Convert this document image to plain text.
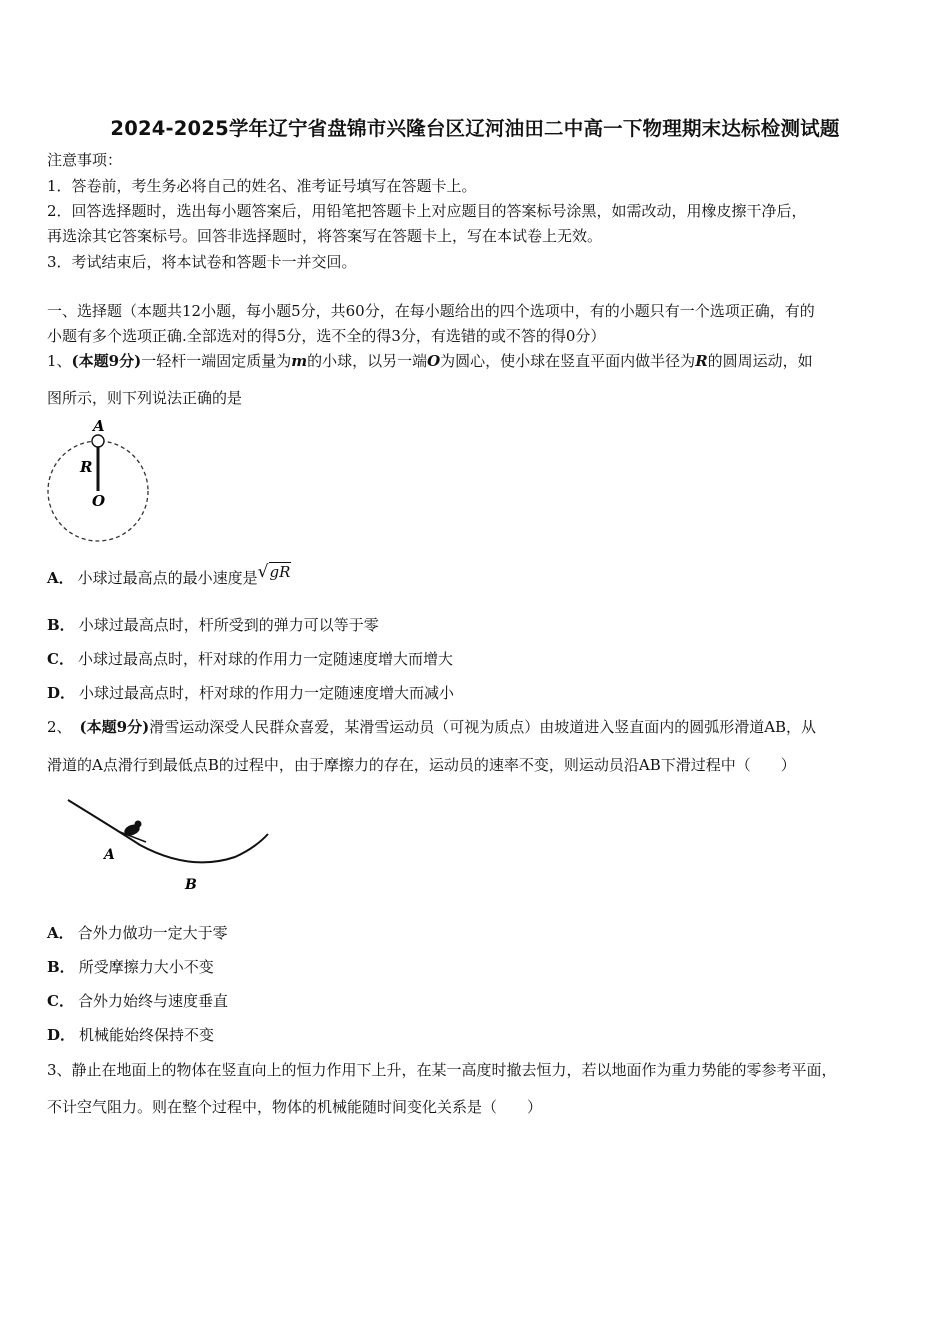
2024-2025学年辽宁省盘锦市兴隆台区辽河油田二中高一下物理期末达标检测试题
注意事项：
1．答卷前，考生务必将自己的姓名、准考证号填写在答题卡上。
2．回答选择题时，选出每小题答案后，用铅笔把答题卡上对应题目的答案标号涂黑，如需改动，用橡皮擦干净后，
再选涂其它答案标号。回答非选择题时，将答案写在答题卡上，写在本试卷上无效。
3．考试结束后，将本试卷和答题卡一并交回。
一、选择题（本题共12小题，每小题5分，共60分，在每小题给出的四个选项中，有的小题只有一个选项正确，有的
小题有多个选项正确.全部选对的得5分，选不全的得3分，有选错的或不答的得0分）
1、(本题9分)一轻杆一端固定质量为m的小球，以另一端O为圆心，使小球在竖直平面内做半径为R的圆周运动，如
图所示，则下列说法正确的是
A
R
O
A． 小球过最高点的最小速度是√gR
B． 小球过最高点时，杆所受到的弹力可以等于零
C． 小球过最高点时，杆对球的作用力一定随速度增大而增大
D． 小球过最高点时，杆对球的作用力一定随速度增大而减小
2、 (本题9分)滑雪运动深受人民群众喜爱，某滑雪运动员（可视为质点）由坡道进入竖直面内的圆弧形滑道AB，从
滑道的A点滑行到最低点B的过程中，由于摩擦力的存在，运动员的速率不变，则运动员沿AB下滑过程中（　　）
A
B
A． 合外力做功一定大于零
B． 所受摩擦力大小不变
C． 合外力始终与速度垂直
D． 机械能始终保持不变
3、静止在地面上的物体在竖直向上的恒力作用下上升，在某一高度时撤去恒力，若以地面作为重力势能的零参考平面，
不计空气阻力。则在整个过程中，物体的机械能随时间变化关系是（　　）
